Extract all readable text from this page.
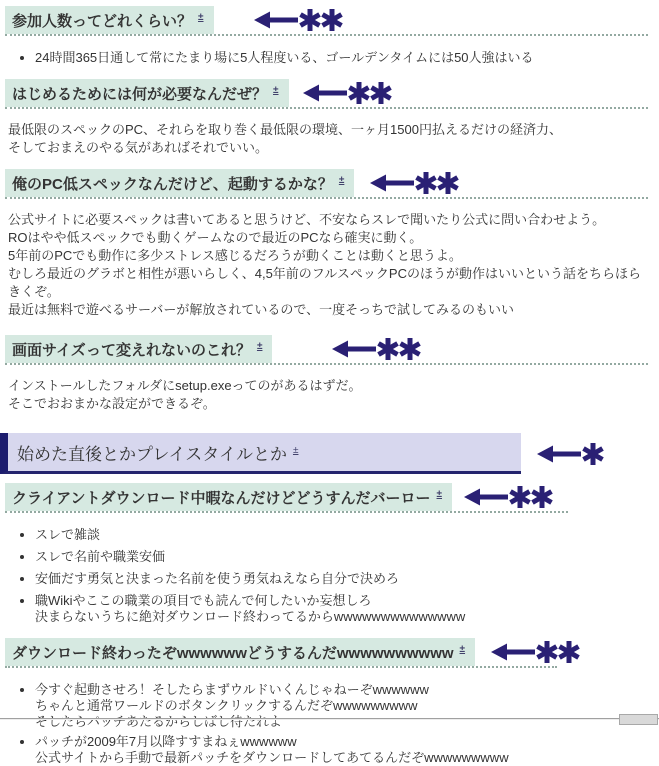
参加人数ってどれくらい？ ±
• 24時間365日通して常にたまり場に5人程度いる、ゴールデンタイムには50人強はいる
はじめるためには何が必要なんだぜ？ ±

最低限のスペックのPC、それらを取り巻く最低限の環境、一ヶ月1500円払えるだけの経済力、
そしておまえのやる気があればそれでいい。

俺のPC低スペックなんだけど、起動するかな？ ±

公式サイトに必要スペックは書いてあると思うけど、不安ならスレで聞いたり公式に問い合わせよう。
ROはやや低スペックでも動くゲームなので最近のPCなら確実に動く。
5年前のPCでも動作に多少ストレス感じるだろうが動くことは動くと思うよ。
むしろ最近のグラボと相性が悪いらしく、4,5年前のフルスペックPCのほうが動作はいいという話をちらほらきくぞ。
最近は無料で遊べるサーバーが解放されているので、一度そっちで試してみるのもいい

画面サイズって変えれないのこれ？ ±

インストールしたフォルダにsetup.exeってのがあるはずだ。
そこでおおまかな設定ができるぞ。

始めた直後とかプレイスタイルとか ±
クライアントダウンロード中暇なんだけどどうすんだバーロー ±
• スレで雑談
• スレで名前や職業安価
• 安価だす勇気と決まった名前を使う勇気ねえなら自分で決めろ
• 職Wikiやここの職業の項目でも読んで何したいか妄想しろ
決まらないうちに絶対ダウンロード終わってるからwwwwwwwwwwwwww
ダウンロード終わったぞwwwwwwどうするんだwwwwwwwwww ±
• 今すぐ起動させろ！そしたらまずウルドいくんじゃねーぞwwwwww
ちゃんと通常ワールドのボタンクリックするんだぞwwwwwwwww
そしたらパッチあたるからしばし待たれよ
• パッチが2009年7月以降すすまねぇwwwwww
公式サイトから手動で最新パッチをダウンロードしてあてるんだぞwwwwwwwww
